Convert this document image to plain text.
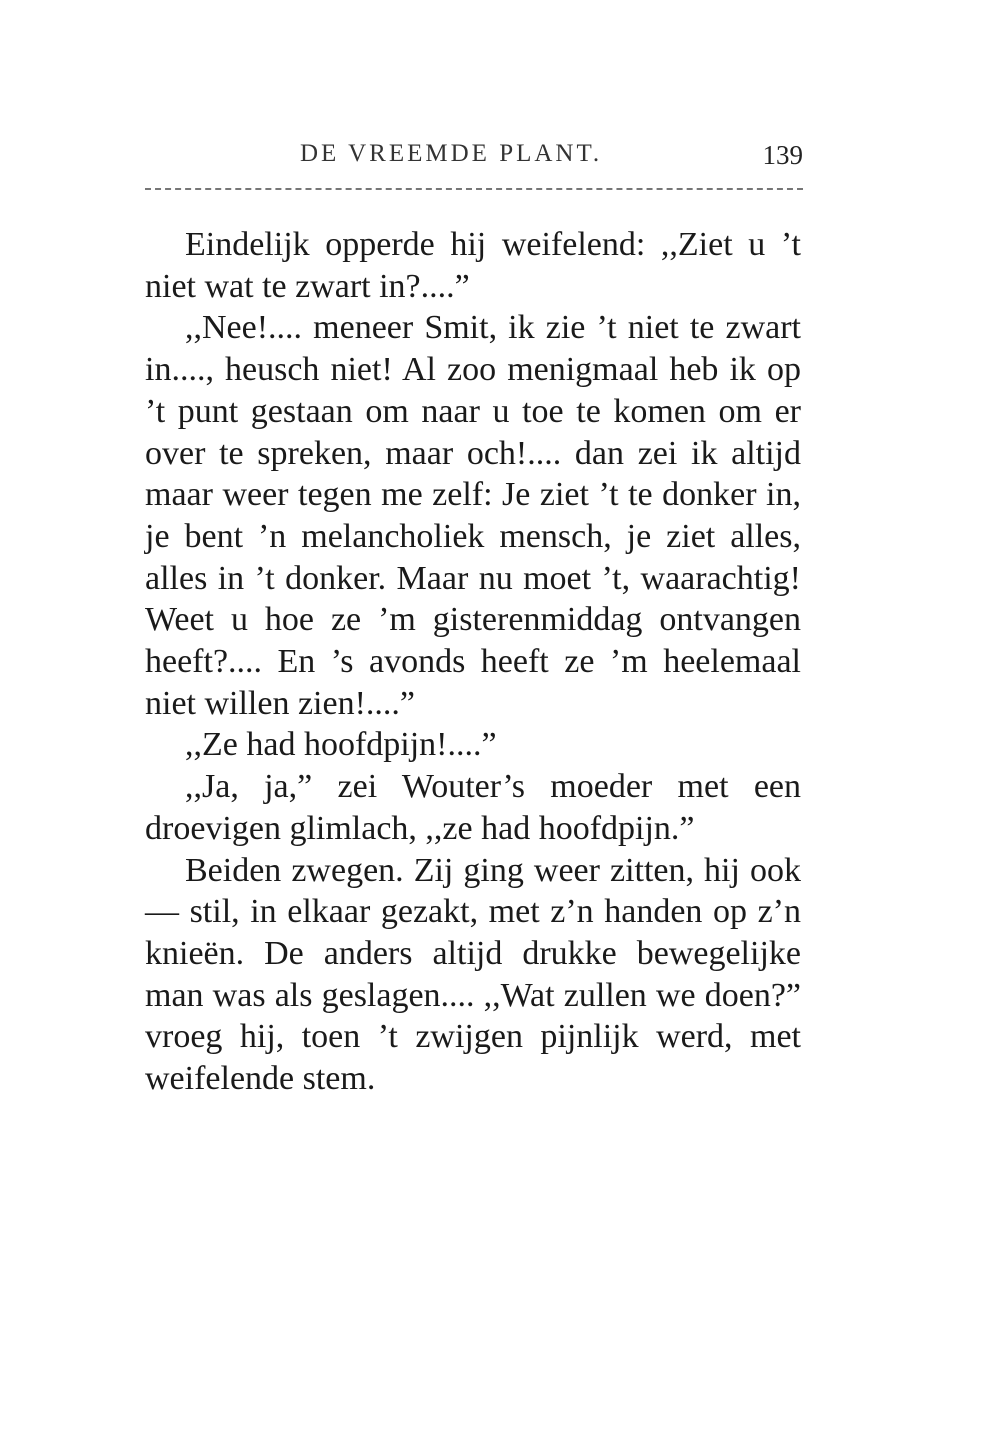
DE VREEMDE PLANT.	139

Eindelijk opperde hij weifelend: ,,Ziet u ’t niet wat te zwart in?....”

,,Nee!.... meneer Smit, ik zie ’t niet te zwart in...., heusch niet! Al zoo menigmaal heb ik op ’t punt gestaan om naar u toe te komen om er over te spreken, maar och!.... dan zei ik altijd maar weer tegen me zelf: Je ziet ’t te donker in, je bent ’n melancholiek mensch, je ziet alles, alles in ’t donker. Maar nu moet ’t, waarachtig! Weet u hoe ze ’m gisterenmiddag ontvangen heeft?.... En ’s avonds heeft ze ’m heelemaal niet willen zien!....”

,,Ze had hoofdpijn!....”

,,Ja, ja,” zei Wouter’s moeder met een droevigen glimlach, ,,ze had hoofdpijn.”

Beiden zwegen. Zij ging weer zitten, hij ook — stil, in elkaar gezakt, met z’n handen op z’n knieën. De anders altijd drukke bewegelijke man was als geslagen.... ,,Wat zullen we doen?” vroeg hij, toen ’t zwijgen pijnlijk werd, met weifelende stem.
